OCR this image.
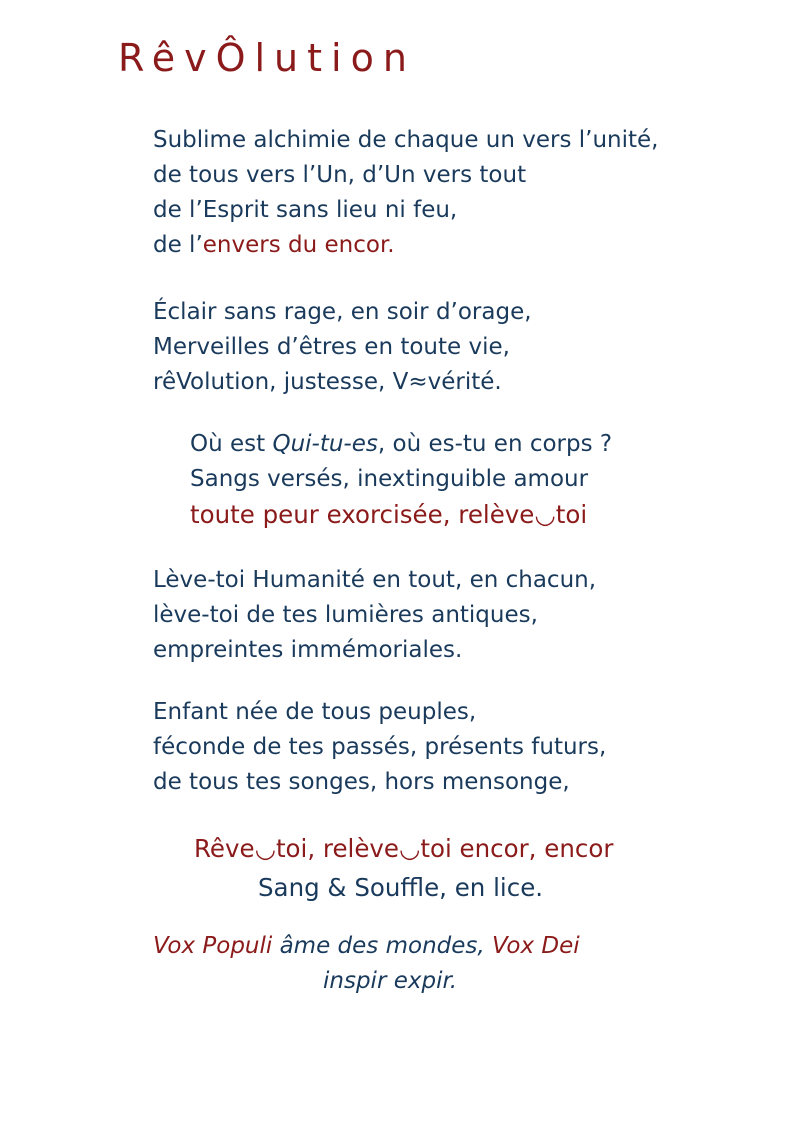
RêvÔlution
Sublime alchimie de chaque un vers l’unité,
de tous vers l’Un, d’Un vers tout
de l’Esprit sans lieu ni feu,
de l’envers du encor.
Éclair sans rage, en soir d’orage,
Merveilles d’êtres en toute vie,
rêVolution, justesse, V≈vérité.
Où est Qui-tu-es, où es-tu en corps ?
Sangs versés, inextinguible amour
toute peur exorcisée, relève◡toi
Lève-toi Humanité en tout, en chacun,
lève-toi de tes lumières antiques,
empreintes immémoriales.
Enfant née de tous peuples,
féconde de tes passés, présents futurs,
de tous tes songes, hors mensonge,
Rêve◡toi, relève◡toi encor, encor
Sang & Souffle, en lice.
Vox Populi âme des mondes, Vox Dei
inspir expir.
